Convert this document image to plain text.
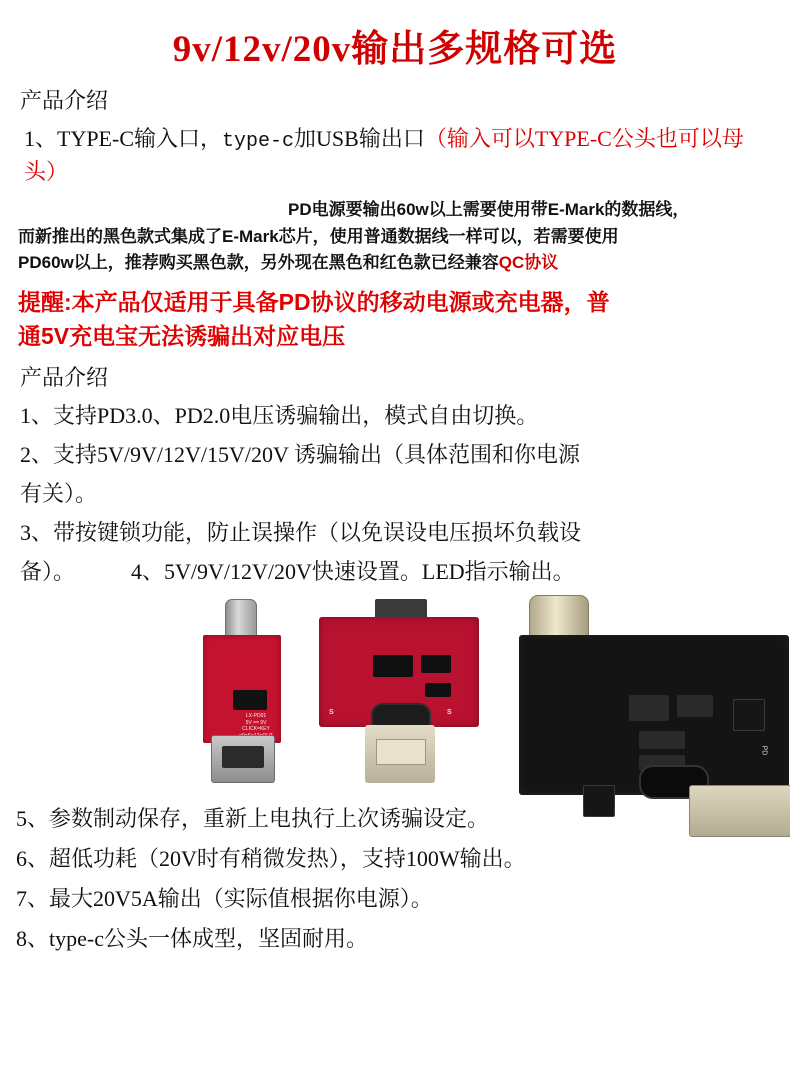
9v/12v/20v输出多规格可选
产品介绍
1、TYPE-C输入口，type-c加USB输出口（输入可以TYPE-C公头也可以母头）
PD电源要输出60w以上需要使用带E-Mark的数据线，
而新推出的黑色款式集成了E-Mark芯片，使用普通数据线一样可以，若需要使用
PD60w以上，推荐购买黑色款，另外现在黑色和红色款已经兼容QC协议
提醒:本产品仅适用于具备PD协议的移动电源或充电器，普
通5V充电宝无法诱骗出对应电压
产品介绍
1、支持PD3.0、PD2.0电压诱骗输出，模式自由切换。
2、支持5V/9V/12V/15V/20V 诱骗输出（具体范围和你电源
有关）。
3、带按键锁功能，防止误操作（以免误设电压损坏负载设
备）。	4、5V/9V/12V/20V快速设置。LED指示输出。
LX-PD01
5V == 9V
CLICK=KEY

S	S
PD
5、参数制动保存，重新上电执行上次诱骗设定。
6、超低功耗（20V时有稍微发热），支持100W输出。
7、最大20V5A输出（实际值根据你电源）。
8、type-c公头一体成型，坚固耐用。
